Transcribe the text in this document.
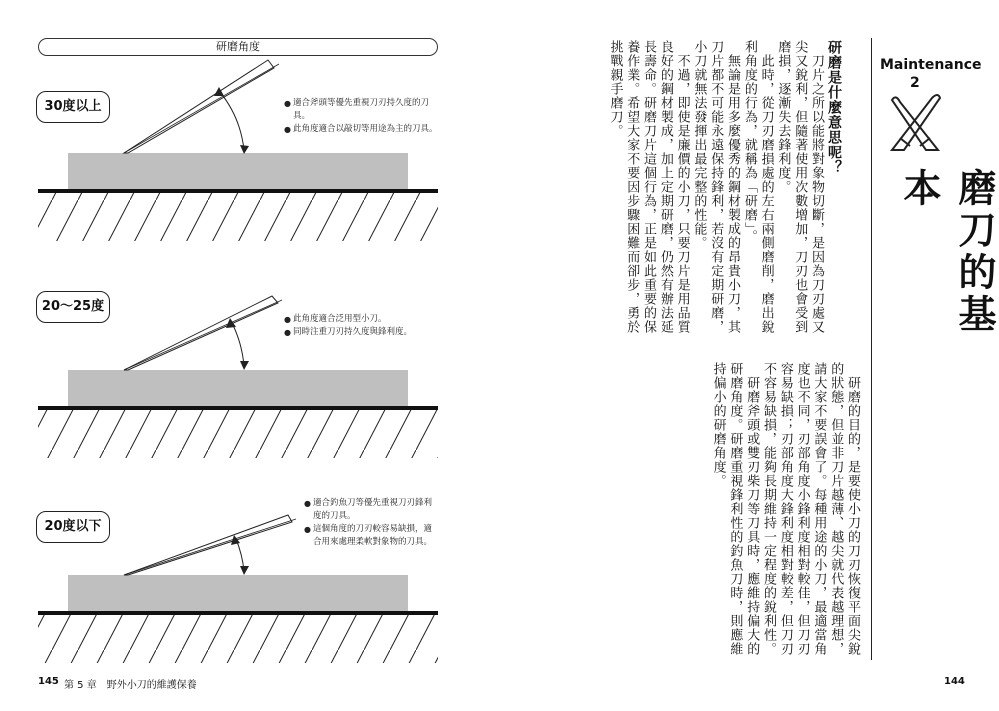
研磨角度
30度以上
20～25度
20度以下
● 適合斧頭等優先重視刀刃持久度的刀具。
● 此角度適合以敲切等用途為主的刀具。
● 此角度適合泛用型小刀。
● 同時注重刀刃持久度與鋒利度。
● 適合釣魚刀等優先重視刀刃鋒利度的刀具。
● 這個角度的刀刃較容易缺損，適合用來處理柔軟對象物的刀具。
145 第 5 章　野外小刀的維護保養
Maintenance
2
磨刀的基本
研磨是什麼意思呢？

　刀片之所以能將對象物切斷，是因為刀刃處又尖又銳利，但隨著使用次數增加，刀刃也會受到磨損，逐漸失去鋒利度。

　此時，從刀刃磨損處的左右兩側磨削，磨出銳利角度的行為，就稱為「研磨」。

　無論是用多麼優秀的鋼材製成的昂貴小刀，其刀片都不可能永遠保持鋒利，若沒有定期研磨，小刀就無法發揮出最完整的性能。

　不過，即使是廉價的小刀，只要刀片是用品質良好的鋼材製成，加上定期研磨，仍然有辦法延長壽命。研磨刀片這個行為，正是如此重要的保養作業。希望大家不要因步驟困難而卻步，勇於挑戰親手磨刀。

　研磨的目的，是要使小刀的刀刃恢復平面尖銳的狀態，但並非刀片越薄、越尖就代表越理想，請大家不要誤會了。每種用途的小刀，最適當角度也不同，刃部角度小鋒利度相對較佳，但刀刃容易缺損；刃部角度大鋒利度相對較差，但刀刃不容易缺損，能夠長期維持一定程度的銳利性。

　研磨斧頭或雙刃柴刀等刀具時，應維持偏大的研磨角度。研磨重視鋒利性的釣魚刀時，則應維持偏小的研磨角度。

144
